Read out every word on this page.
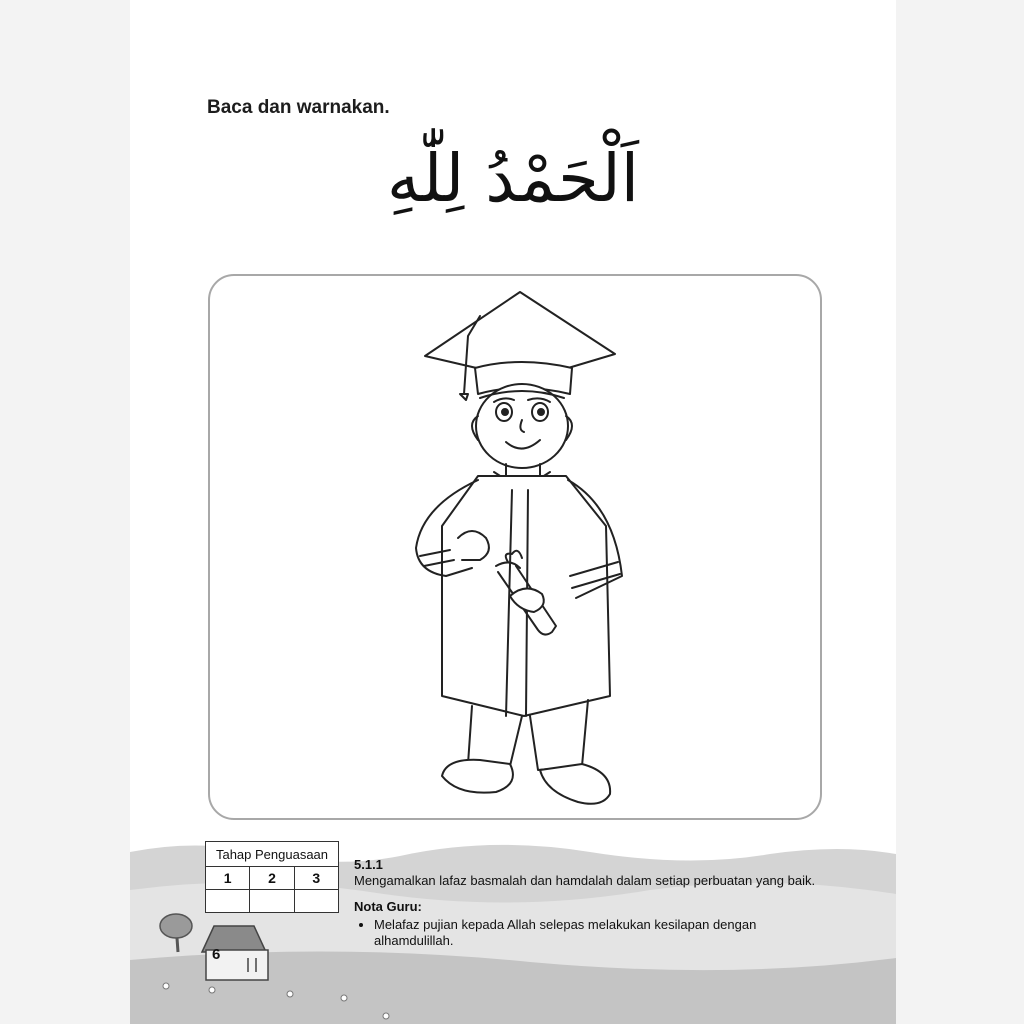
Baca dan warnakan.
اَلْحَمْدُ لِلّٰهِ
Tahap Penguasaan		
1	2	3

5.1.1
Mengamalkan lafaz basmalah dan hamdalah dalam setiap perbuatan yang baik.
Nota Guru:
• Melafaz pujian kepada Allah selepas melakukan kesilapan dengan alhamdulillah.
6
